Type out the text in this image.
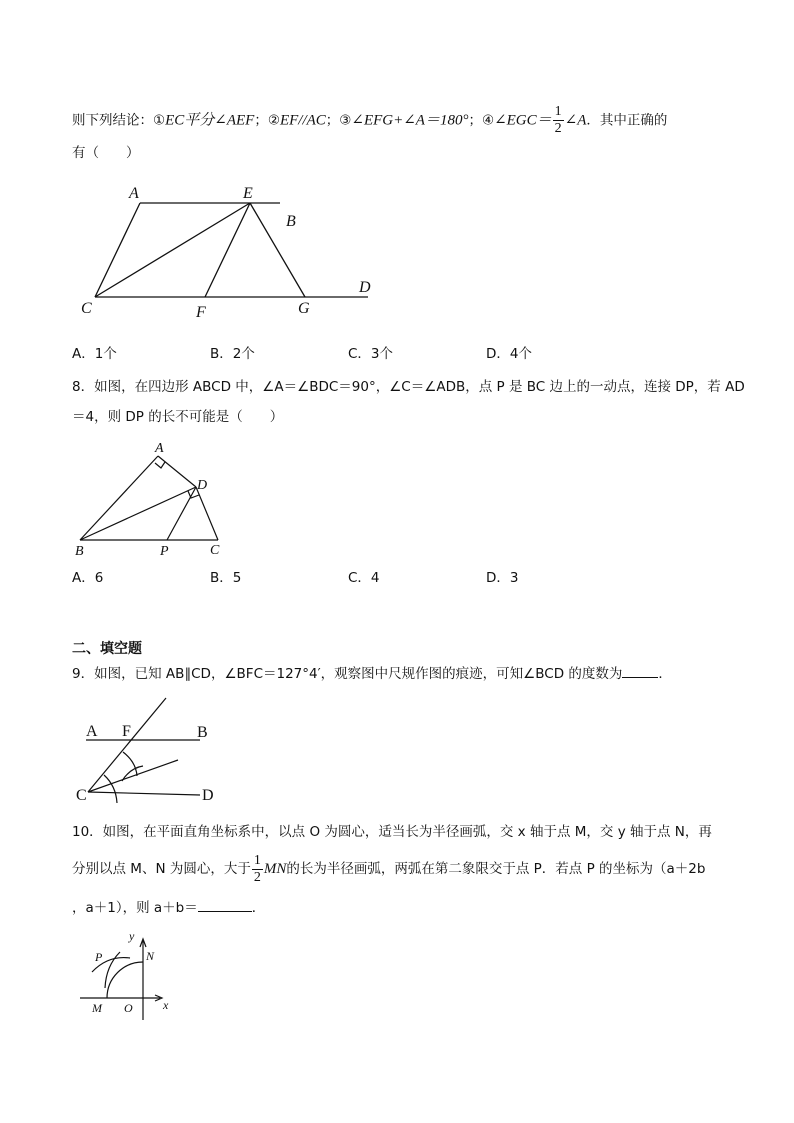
则下列结论：①EC平分∠AEF；②EF//AC；③∠EFG+∠A＝180°；④∠EGC＝ $\frac{1}{2}$ ∠A．其中正确的
有（　　）
A	E
B
C	F	G
D
A．1个	B．2个	C．3个	D．4个
8．如图，在四边形 ABCD 中，∠A＝∠BDC＝90°，∠C＝∠ADB，点 P 是 BC 边上的一动点，连接 DP，若 AD
＝4，则 DP 的长不可能是（　　）
A
D
B	P	C
A．6	B．5	C．4	D．3
二、填空题
9．如图，已知 AB∥CD，∠BFC＝127°4′，观察图中尺规作图的痕迹，可知∠BCD 的度数为	．
A F	B
C	D
10．如图，在平面直角坐标系中，以点 O 为圆心，适当长为半径画弧，交 x 轴于点 M，交 y 轴于点 N，再
分别以点 M、N 为圆心，大于 $\frac{1}{2}$ MN的长为半径画弧，两弧在第二象限交于点 P．若点 P 的坐标为（a＋2b
，a＋1），则 a＋b＝	．
y
P	N
M O	x
